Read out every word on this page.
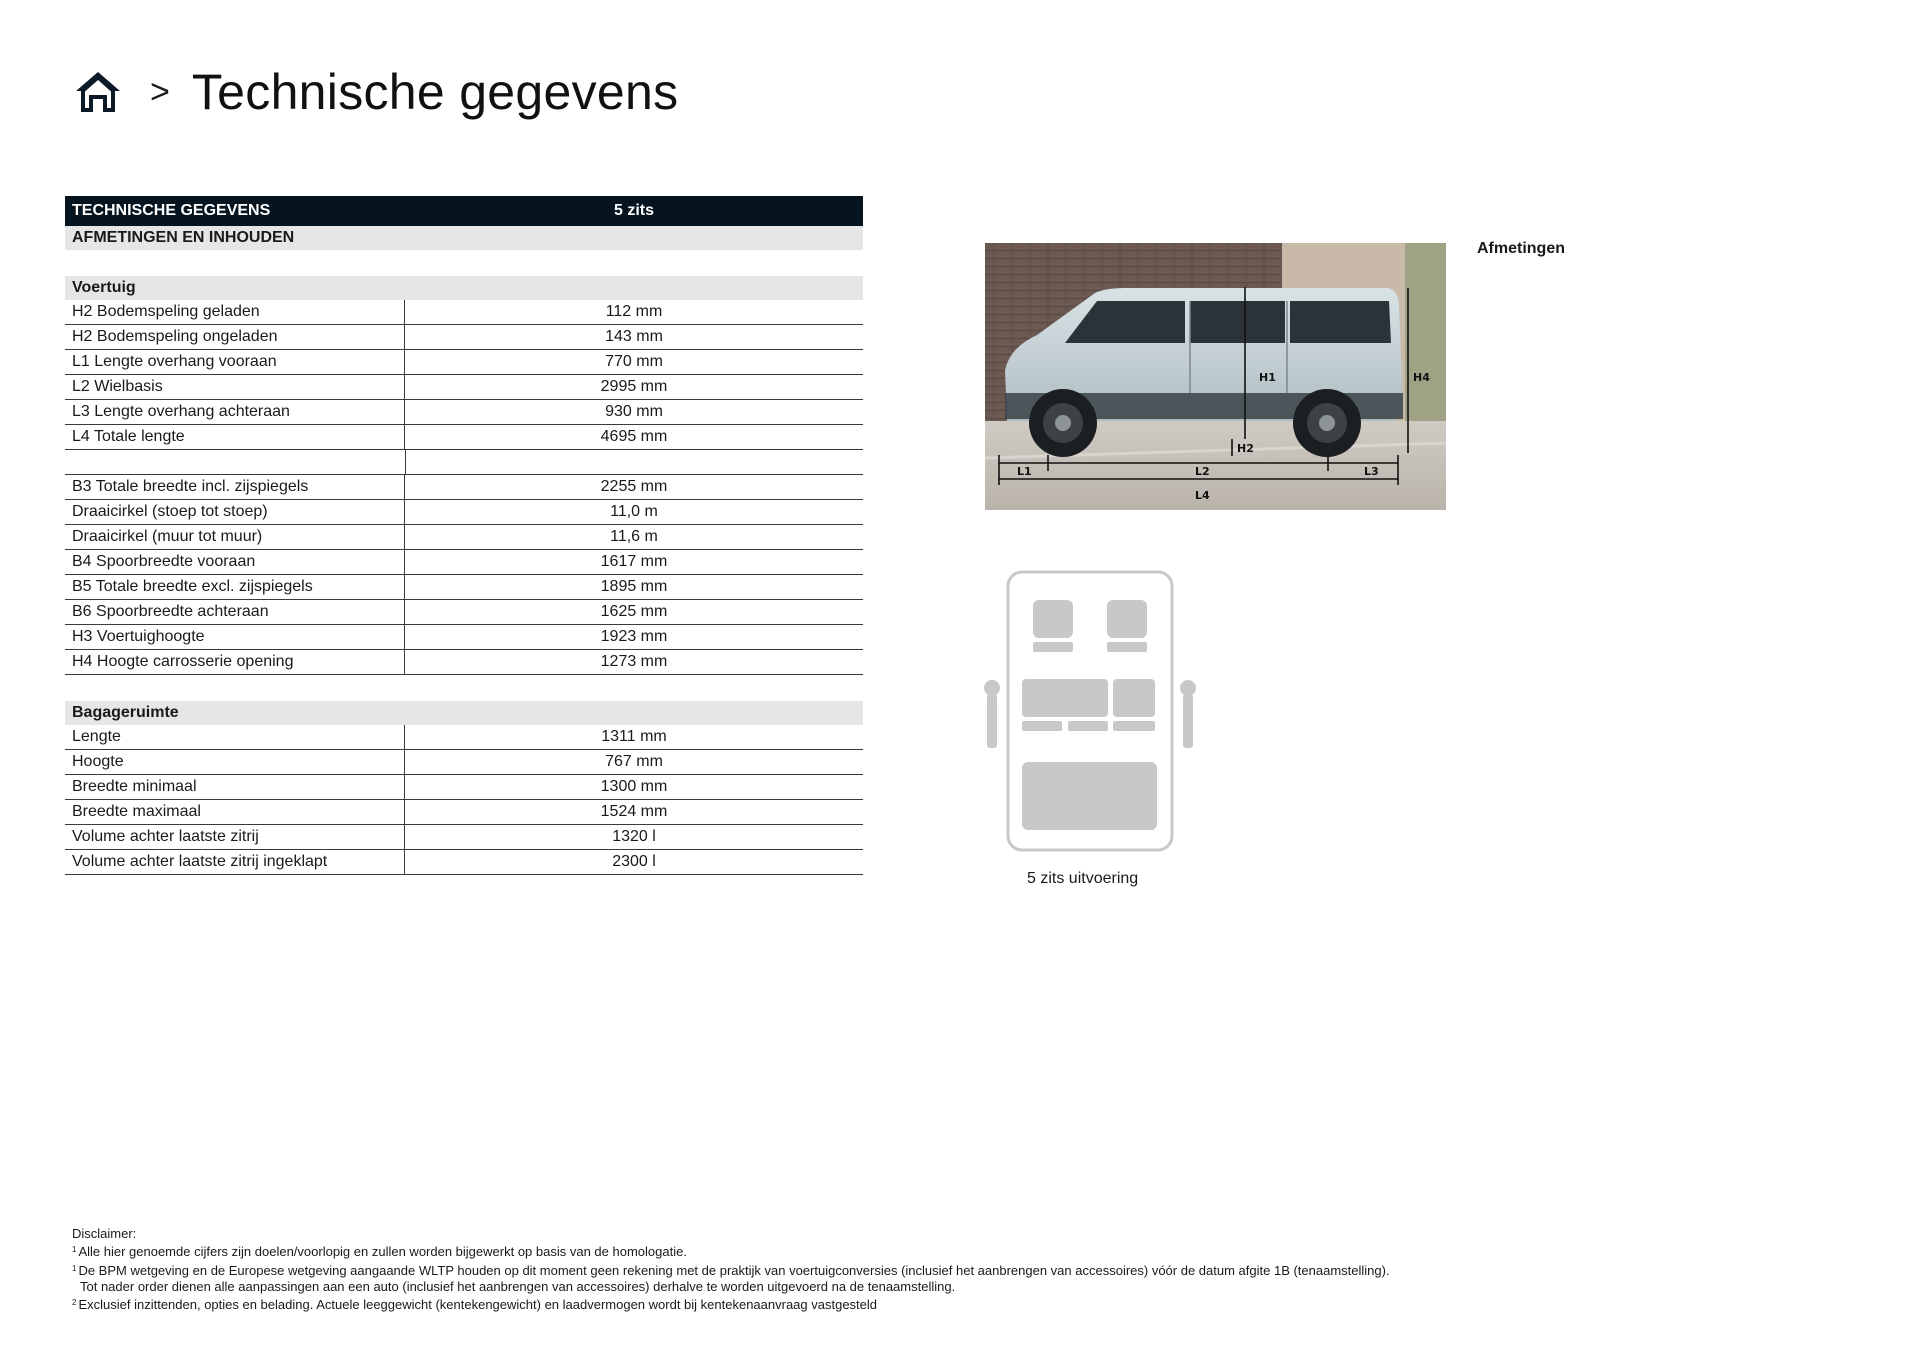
> Technische gegevens
TECHNISCHE GEGEVENS	5 zits
AFMETINGEN EN INHOUDEN
Voertuig
H2 Bodemspeling geladen	112 mm
H2 Bodemspeling ongeladen	143 mm
L1 Lengte overhang vooraan	770 mm
L2 Wielbasis	2995 mm
L3 Lengte overhang achteraan	930 mm
L4 Totale lengte	4695 mm
B3 Totale breedte incl. zijspiegels	2255 mm
Draaicirkel (stoep tot stoep)	11,0 m
Draaicirkel (muur tot muur)	11,6 m
B4 Spoorbreedte vooraan	1617 mm
B5 Totale breedte excl. zijspiegels	1895 mm
B6 Spoorbreedte achteraan	1625 mm
H3 Voertuighoogte	1923 mm
H4 Hoogte carrosserie opening	1273 mm
Bagageruimte
Lengte	1311 mm
Hoogte	767 mm
Breedte minimaal	1300 mm
Breedte maximaal	1524 mm
Volume achter laatste zitrij	1320 l
Volume achter laatste zitrij ingeklapt	2300 l
H1	H4
H2
L1	L2	L3
L4
Afmetingen
5 zits uitvoering
Disclaimer:
$^1$ Alle hier genoemde cijfers zijn doelen/voorlopig en zullen worden bijgewerkt op basis van de homologatie.
$^1$ De BPM wetgeving en de Europese wetgeving aangaande WLTP houden op dit moment geen rekening met de praktijk van voertuigconversies (inclusief het aanbrengen van accessoires) vóór de datum afgite 1B (tenaamstelling).
Tot nader order dienen alle aanpassingen aan een auto (inclusief het aanbrengen van accessoires) derhalve te worden uitgevoerd na de tenaamstelling.
$^2$ Exclusief inzittenden, opties en belading. Actuele leeggewicht (kentekengewicht) en laadvermogen wordt bij kentekenaanvraag vastgesteld
